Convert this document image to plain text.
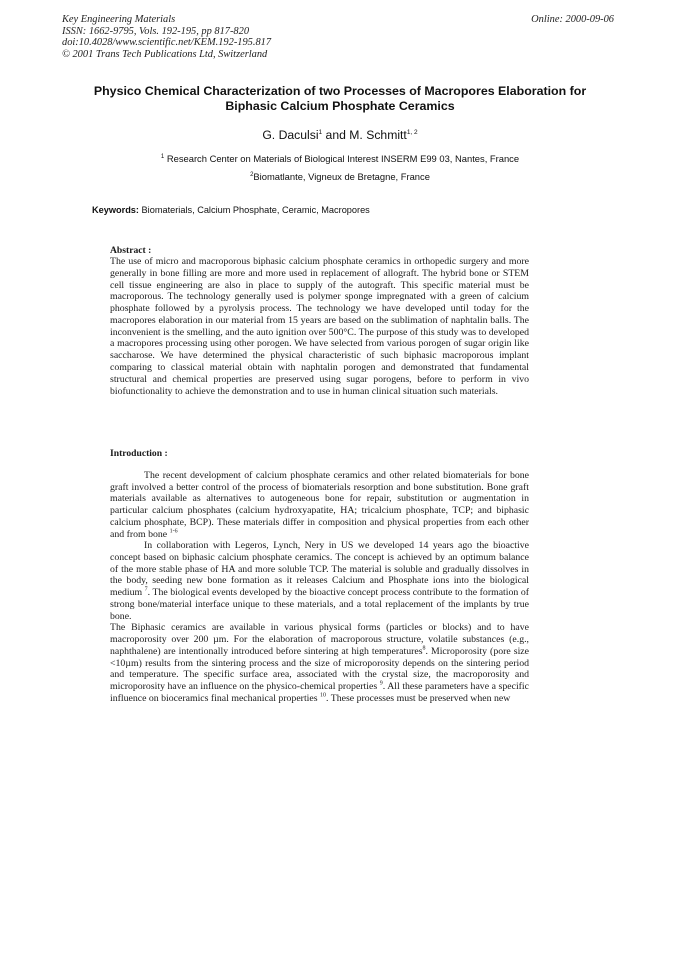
Key Engineering Materials
ISSN: 1662-9795, Vols. 192-195, pp 817-820
doi:10.4028/www.scientific.net/KEM.192-195.817
© 2001 Trans Tech Publications Ltd, Switzerland
Online: 2000-09-06
Physico Chemical Characterization of two Processes of Macropores Elaboration for Biphasic Calcium Phosphate Ceramics
G. Daculsi$^1$ and M. Schmitt$^{1, 2}$
$^1$ Research Center on Materials of Biological Interest INSERM E99 03, Nantes, France
$^2$Biomatlante, Vigneux de Bretagne, France
Keywords: Biomaterials, Calcium Phosphate, Ceramic, Macropores
Abstract :
The use of micro and macroporous biphasic calcium phosphate ceramics in orthopedic surgery and more generally in bone filling are more and more used in replacement of allograft. The hybrid bone or STEM cell tissue engineering are also in place to supply of the autograft. This specific material must be macroporous. The technology generally used is polymer sponge impregnated with a green of calcium phosphate followed by a pyrolysis process. The technology we have developed until today for the macropores elaboration in our material from 15 years are based on the sublimation of naphtalin balls. The inconvenient is the smelling, and the auto ignition over 500°C. The purpose of this study was to developed a macropores processing using other porogen. We have selected from various porogen of sugar origin like saccharose. We have determined the physical characteristic of such biphasic macroporous implant comparing to classical material obtain with naphtalin porogen and demonstrated that fundamental structural and chemical properties are preserved using sugar porogens, before to perform in vivo biofunctionality to achieve the demonstration and to use in human clinical situation such materials.
Introduction :

The recent development of calcium phosphate ceramics and other related biomaterials for bone graft involved a better control of the process of biomaterials resorption and bone substitution. Bone graft materials available as alternatives to autogeneous bone for repair, substitution or augmentation in particular calcium phosphates (calcium hydroxyapatite, HA; tricalcium phosphate, TCP; and biphasic calcium phosphate, BCP). These materials differ in composition and physical properties from each other and from bone $^{1-6}$

In collaboration with Legeros, Lynch, Nery in US we developed 14 years ago the bioactive concept based on biphasic calcium phosphate ceramics. The concept is achieved by an optimum balance of the more stable phase of HA and more soluble TCP. The material is soluble and gradually dissolves in the body, seeding new bone formation as it releases Calcium and Phosphate ions into the biological medium $^7$. The biological events developed by the bioactive concept process contribute to the formation of strong bone/material interface unique to these materials, and a total replacement of the implants by true bone.

The Biphasic ceramics are available in various physical forms (particles or blocks) and to have macroporosity over 200 µm. For the elaboration of macroporous structure, volatile substances (e.g., naphthalene) are intentionally introduced before sintering at high temperatures$^8$. Microporosity (pore size <10µm) results from the sintering process and the size of microporosity depends on the sintering period and temperature. The specific surface area, associated with the crystal size, the macroporosity and microporosity have an influence on the physico-chemical properties $^9$. All these parameters have a specific influence on bioceramics final mechanical properties $^{10}$. These processes must be preserved when new
